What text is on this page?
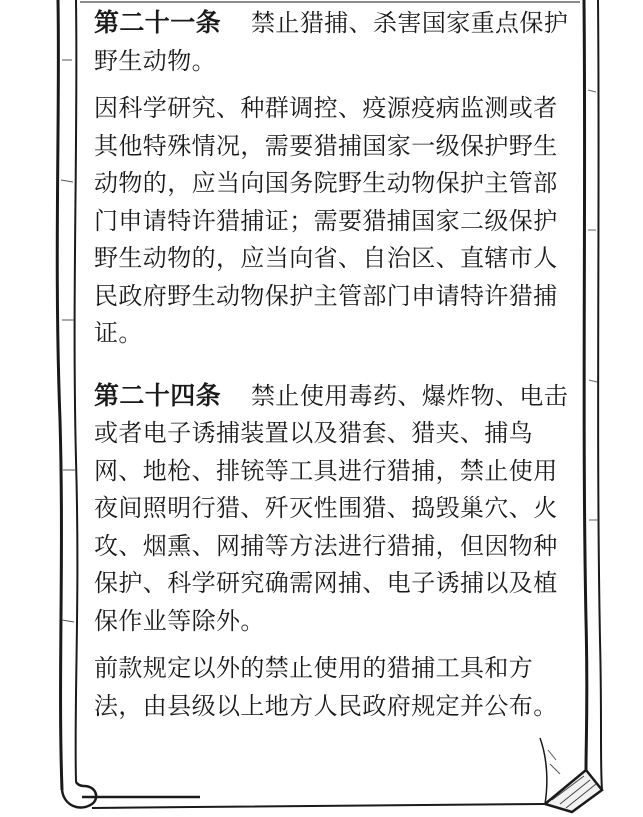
第二十一条 禁止猎捕、杀害国家重点保护野生动物。

因科学研究、种群调控、疫源疫病监测或者其他特殊情况，需要猎捕国家一级保护野生动物的，应当向国务院野生动物保护主管部门申请特许猎捕证；需要猎捕国家二级保护野生动物的，应当向省、自治区、直辖市人民政府野生动物保护主管部门申请特许猎捕证。

第二十四条 禁止使用毒药、爆炸物、电击或者电子诱捕装置以及猎套、猎夹、捕鸟网、地枪、排铳等工具进行猎捕，禁止使用夜间照明行猎、歼灭性围猎、捣毁巢穴、火攻、烟熏、网捕等方法进行猎捕，但因物种保护、科学研究确需网捕、电子诱捕以及植保作业等除外。

前款规定以外的禁止使用的猎捕工具和方法，由县级以上地方人民政府规定并公布。
